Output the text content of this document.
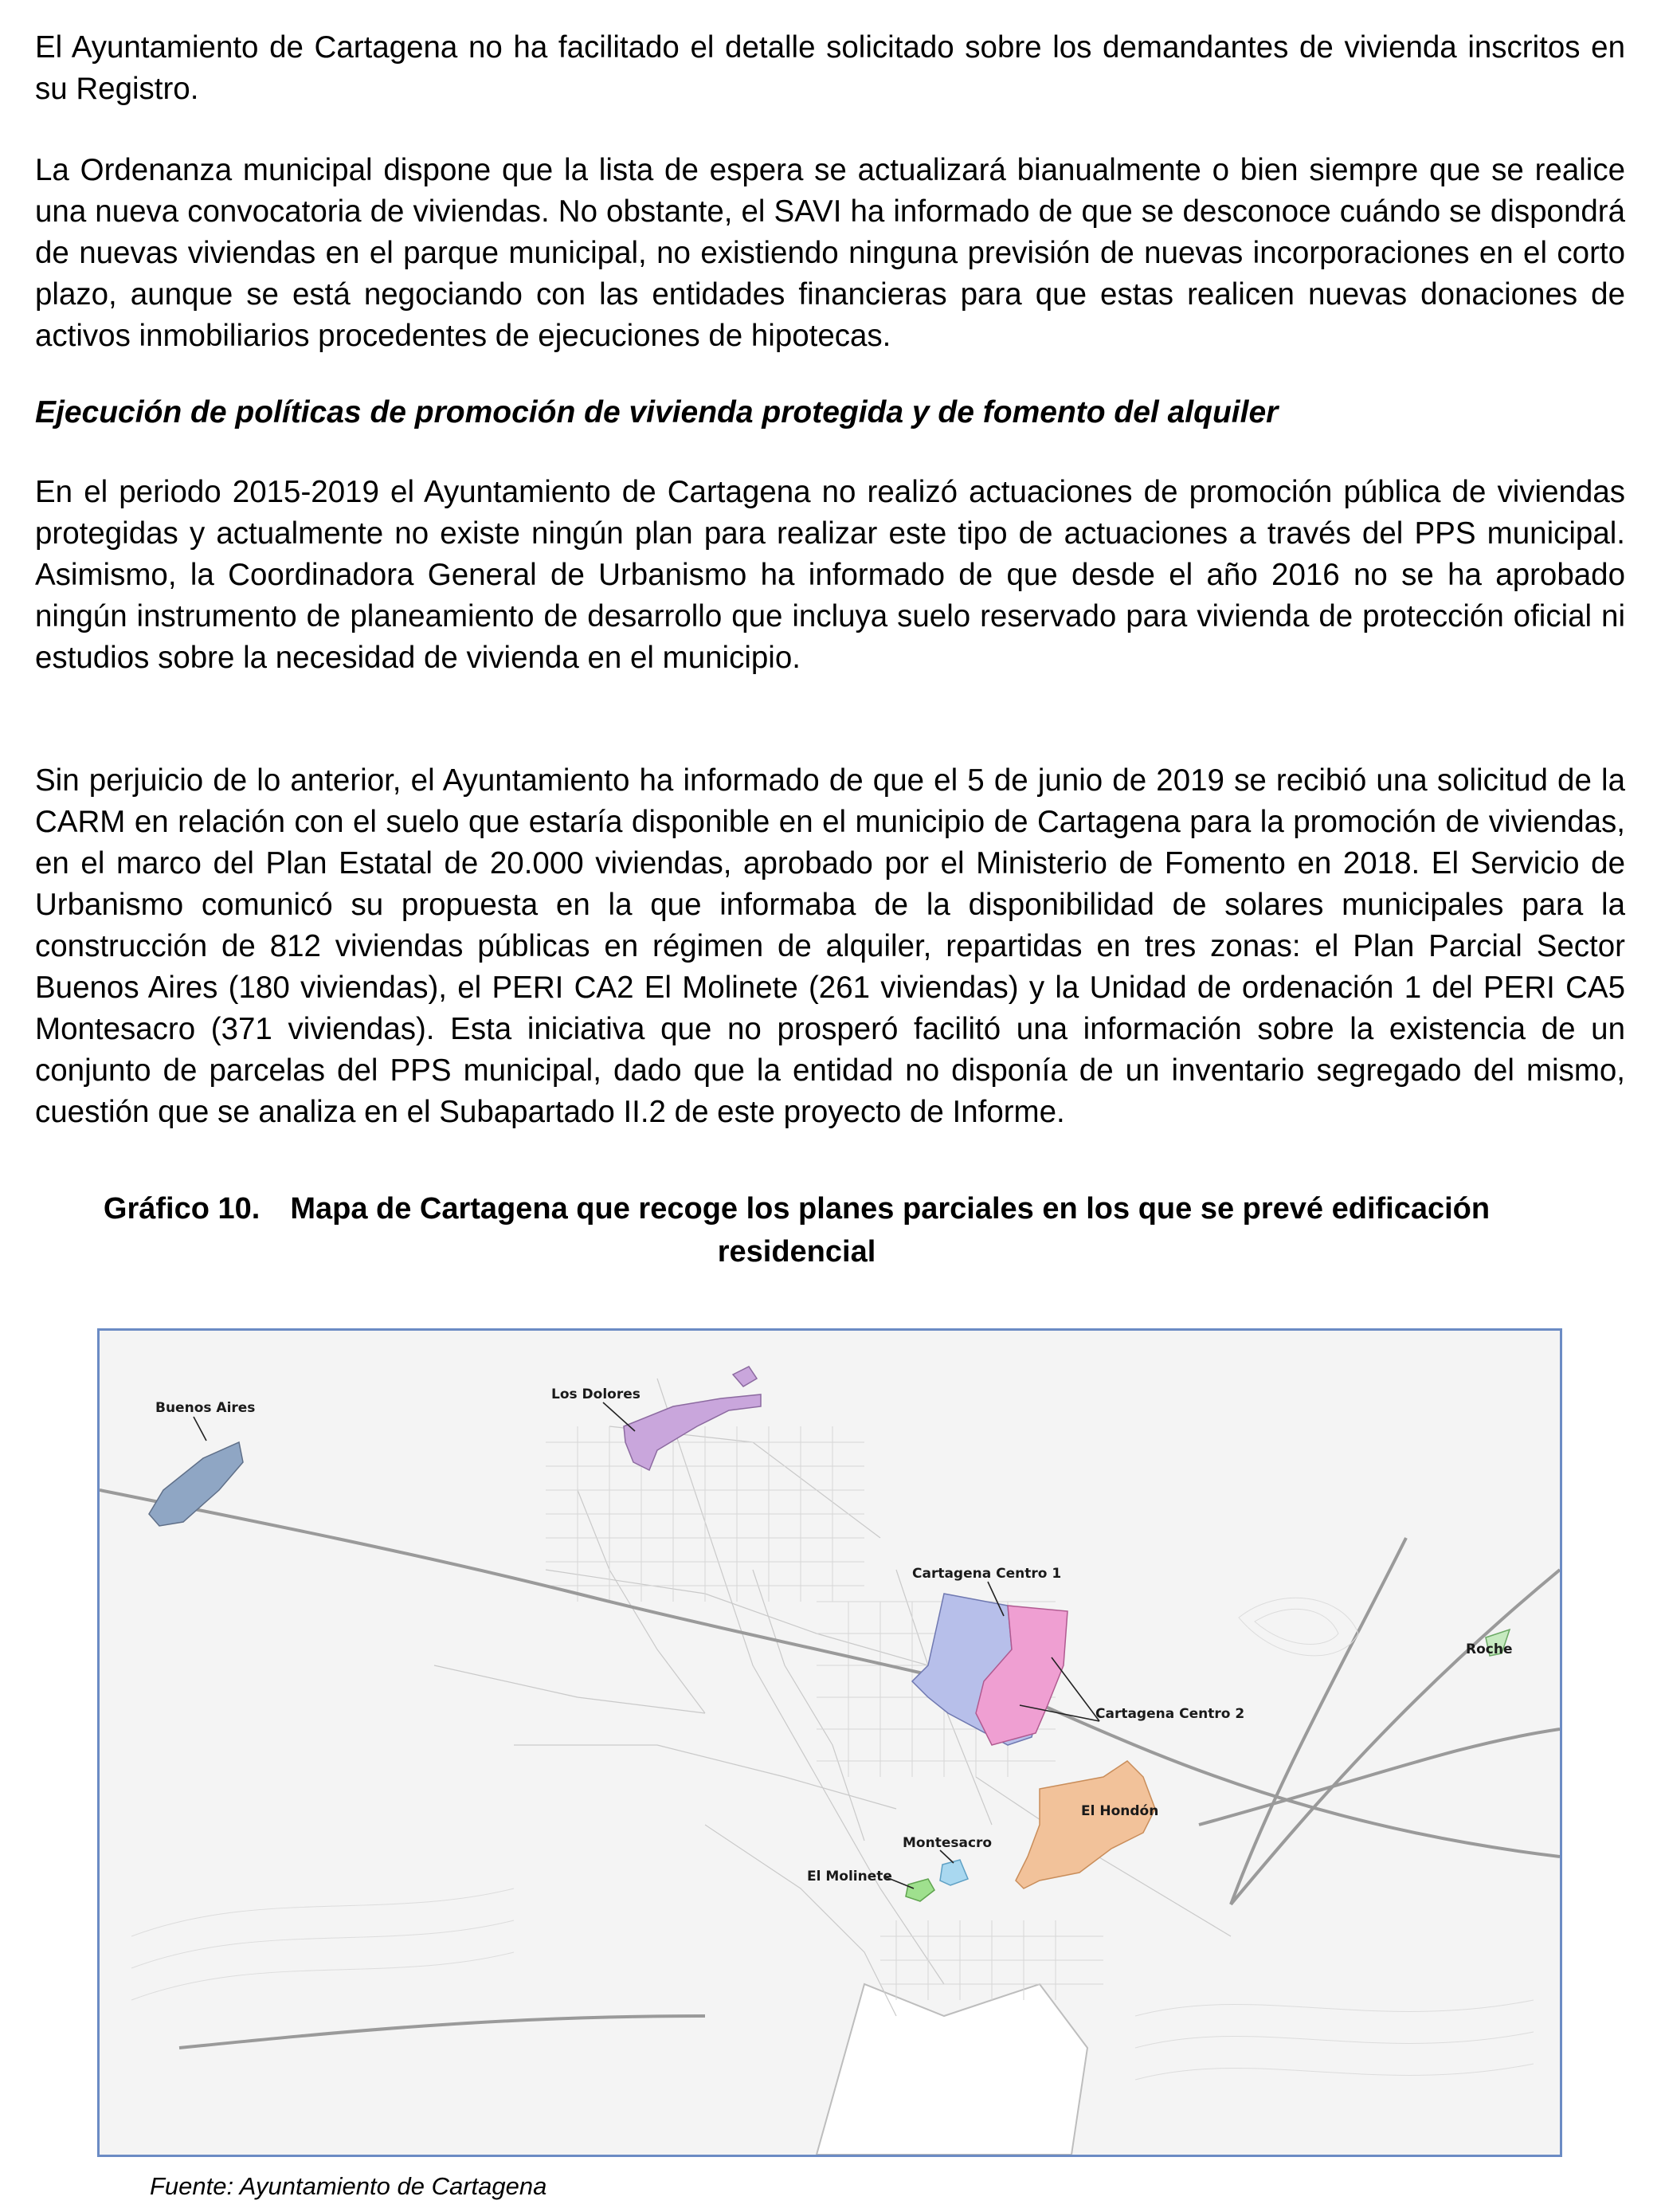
El Ayuntamiento de Cartagena no ha facilitado el detalle solicitado sobre los demandantes de vivienda inscritos en su Registro.

La Ordenanza municipal dispone que la lista de espera se actualizará bianualmente o bien siempre que se realice una nueva convocatoria de viviendas. No obstante, el SAVI ha informado de que se desconoce cuándo se dispondrá de nuevas viviendas en el parque municipal, no existiendo ninguna previsión de nuevas incorporaciones en el corto plazo, aunque se está negociando con las entidades financieras para que estas realicen nuevas donaciones de activos inmobiliarios procedentes de ejecuciones de hipotecas.

Ejecución de políticas de promoción de vivienda protegida y de fomento del alquiler

En el periodo 2015-2019 el Ayuntamiento de Cartagena no realizó actuaciones de promoción pública de viviendas protegidas y actualmente no existe ningún plan para realizar este tipo de actuaciones a través del PPS municipal. Asimismo, la Coordinadora General de Urbanismo ha informado de que desde el año 2016 no se ha aprobado ningún instrumento de planeamiento de desarrollo que incluya suelo reservado para vivienda de protección oficial ni estudios sobre la necesidad de vivienda en el municipio.

Sin perjuicio de lo anterior, el Ayuntamiento ha informado de que el 5 de junio de 2019 se recibió una solicitud de la CARM en relación con el suelo que estaría disponible en el municipio de Cartagena para la promoción de viviendas, en el marco del Plan Estatal de 20.000 viviendas, aprobado por el Ministerio de Fomento en 2018. El Servicio de Urbanismo comunicó su propuesta en la que informaba de la disponibilidad de solares municipales para la construcción de 812 viviendas públicas en régimen de alquiler, repartidas en tres zonas: el Plan Parcial Sector Buenos Aires (180 viviendas), el PERI CA2 El Molinete (261 viviendas) y la Unidad de ordenación 1 del PERI CA5 Montesacro (371 viviendas). Esta iniciativa que no prosperó facilitó una información sobre la existencia de un conjunto de parcelas del PPS municipal, dado que la entidad no disponía de un inventario segregado del mismo, cuestión que se analiza en el Subapartado II.2 de este proyecto de Informe.

Gráfico 10. Mapa de Cartagena que recoge los planes parciales en los que se prevé edificación residencial

Los Dolores
Buenos Aires
Cartagena Centro 1
Cartagena Centro 2
Roche
El Hondón
Montesacro
El Molinete
Fuente: Ayuntamiento de Cartagena
